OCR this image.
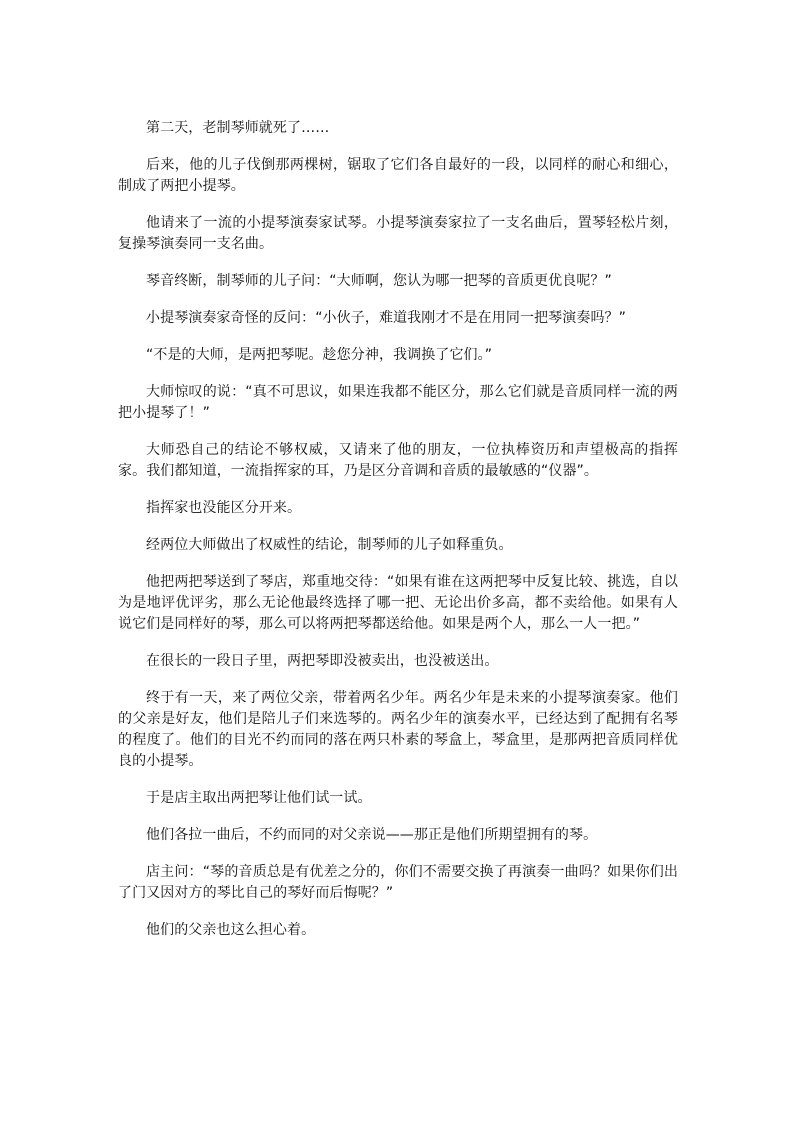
第二天，老制琴师就死了……

后来，他的儿子伐倒那两棵树，锯取了它们各自最好的一段，以同样的耐心和细心，制成了两把小提琴。

他请来了一流的小提琴演奏家试琴。小提琴演奏家拉了一支名曲后，置琴轻松片刻，复操琴演奏同一支名曲。

琴音终断，制琴师的儿子问：“大师啊，您认为哪一把琴的音质更优良呢？”

小提琴演奏家奇怪的反问：“小伙子，难道我刚才不是在用同一把琴演奏吗？”

“不是的大师，是两把琴呢。趁您分神，我调换了它们。”

大师惊叹的说：“真不可思议，如果连我都不能区分，那么它们就是音质同样一流的两把小提琴了！”

大师恐自己的结论不够权威，又请来了他的朋友，一位执棒资历和声望极高的指挥家。我们都知道，一流指挥家的耳，乃是区分音调和音质的最敏感的“仪器”。

指挥家也没能区分开来。

经两位大师做出了权威性的结论，制琴师的儿子如释重负。

他把两把琴送到了琴店，郑重地交待：“如果有谁在这两把琴中反复比较、挑选，自以为是地评优评劣，那么无论他最终选择了哪一把、无论出价多高，都不卖给他。如果有人说它们是同样好的琴，那么可以将两把琴都送给他。如果是两个人，那么一人一把。”

在很长的一段日子里，两把琴即没被卖出，也没被送出。

终于有一天，来了两位父亲，带着两名少年。两名少年是未来的小提琴演奏家。他们的父亲是好友，他们是陪儿子们来选琴的。两名少年的演奏水平，已经达到了配拥有名琴的程度了。他们的目光不约而同的落在两只朴素的琴盒上，琴盒里，是那两把音质同样优良的小提琴。

于是店主取出两把琴让他们试一试。

他们各拉一曲后，不约而同的对父亲说——那正是他们所期望拥有的琴。

店主问：“琴的音质总是有优差之分的，你们不需要交换了再演奏一曲吗？如果你们出了门又因对方的琴比自己的琴好而后悔呢？”

他们的父亲也这么担心着。
